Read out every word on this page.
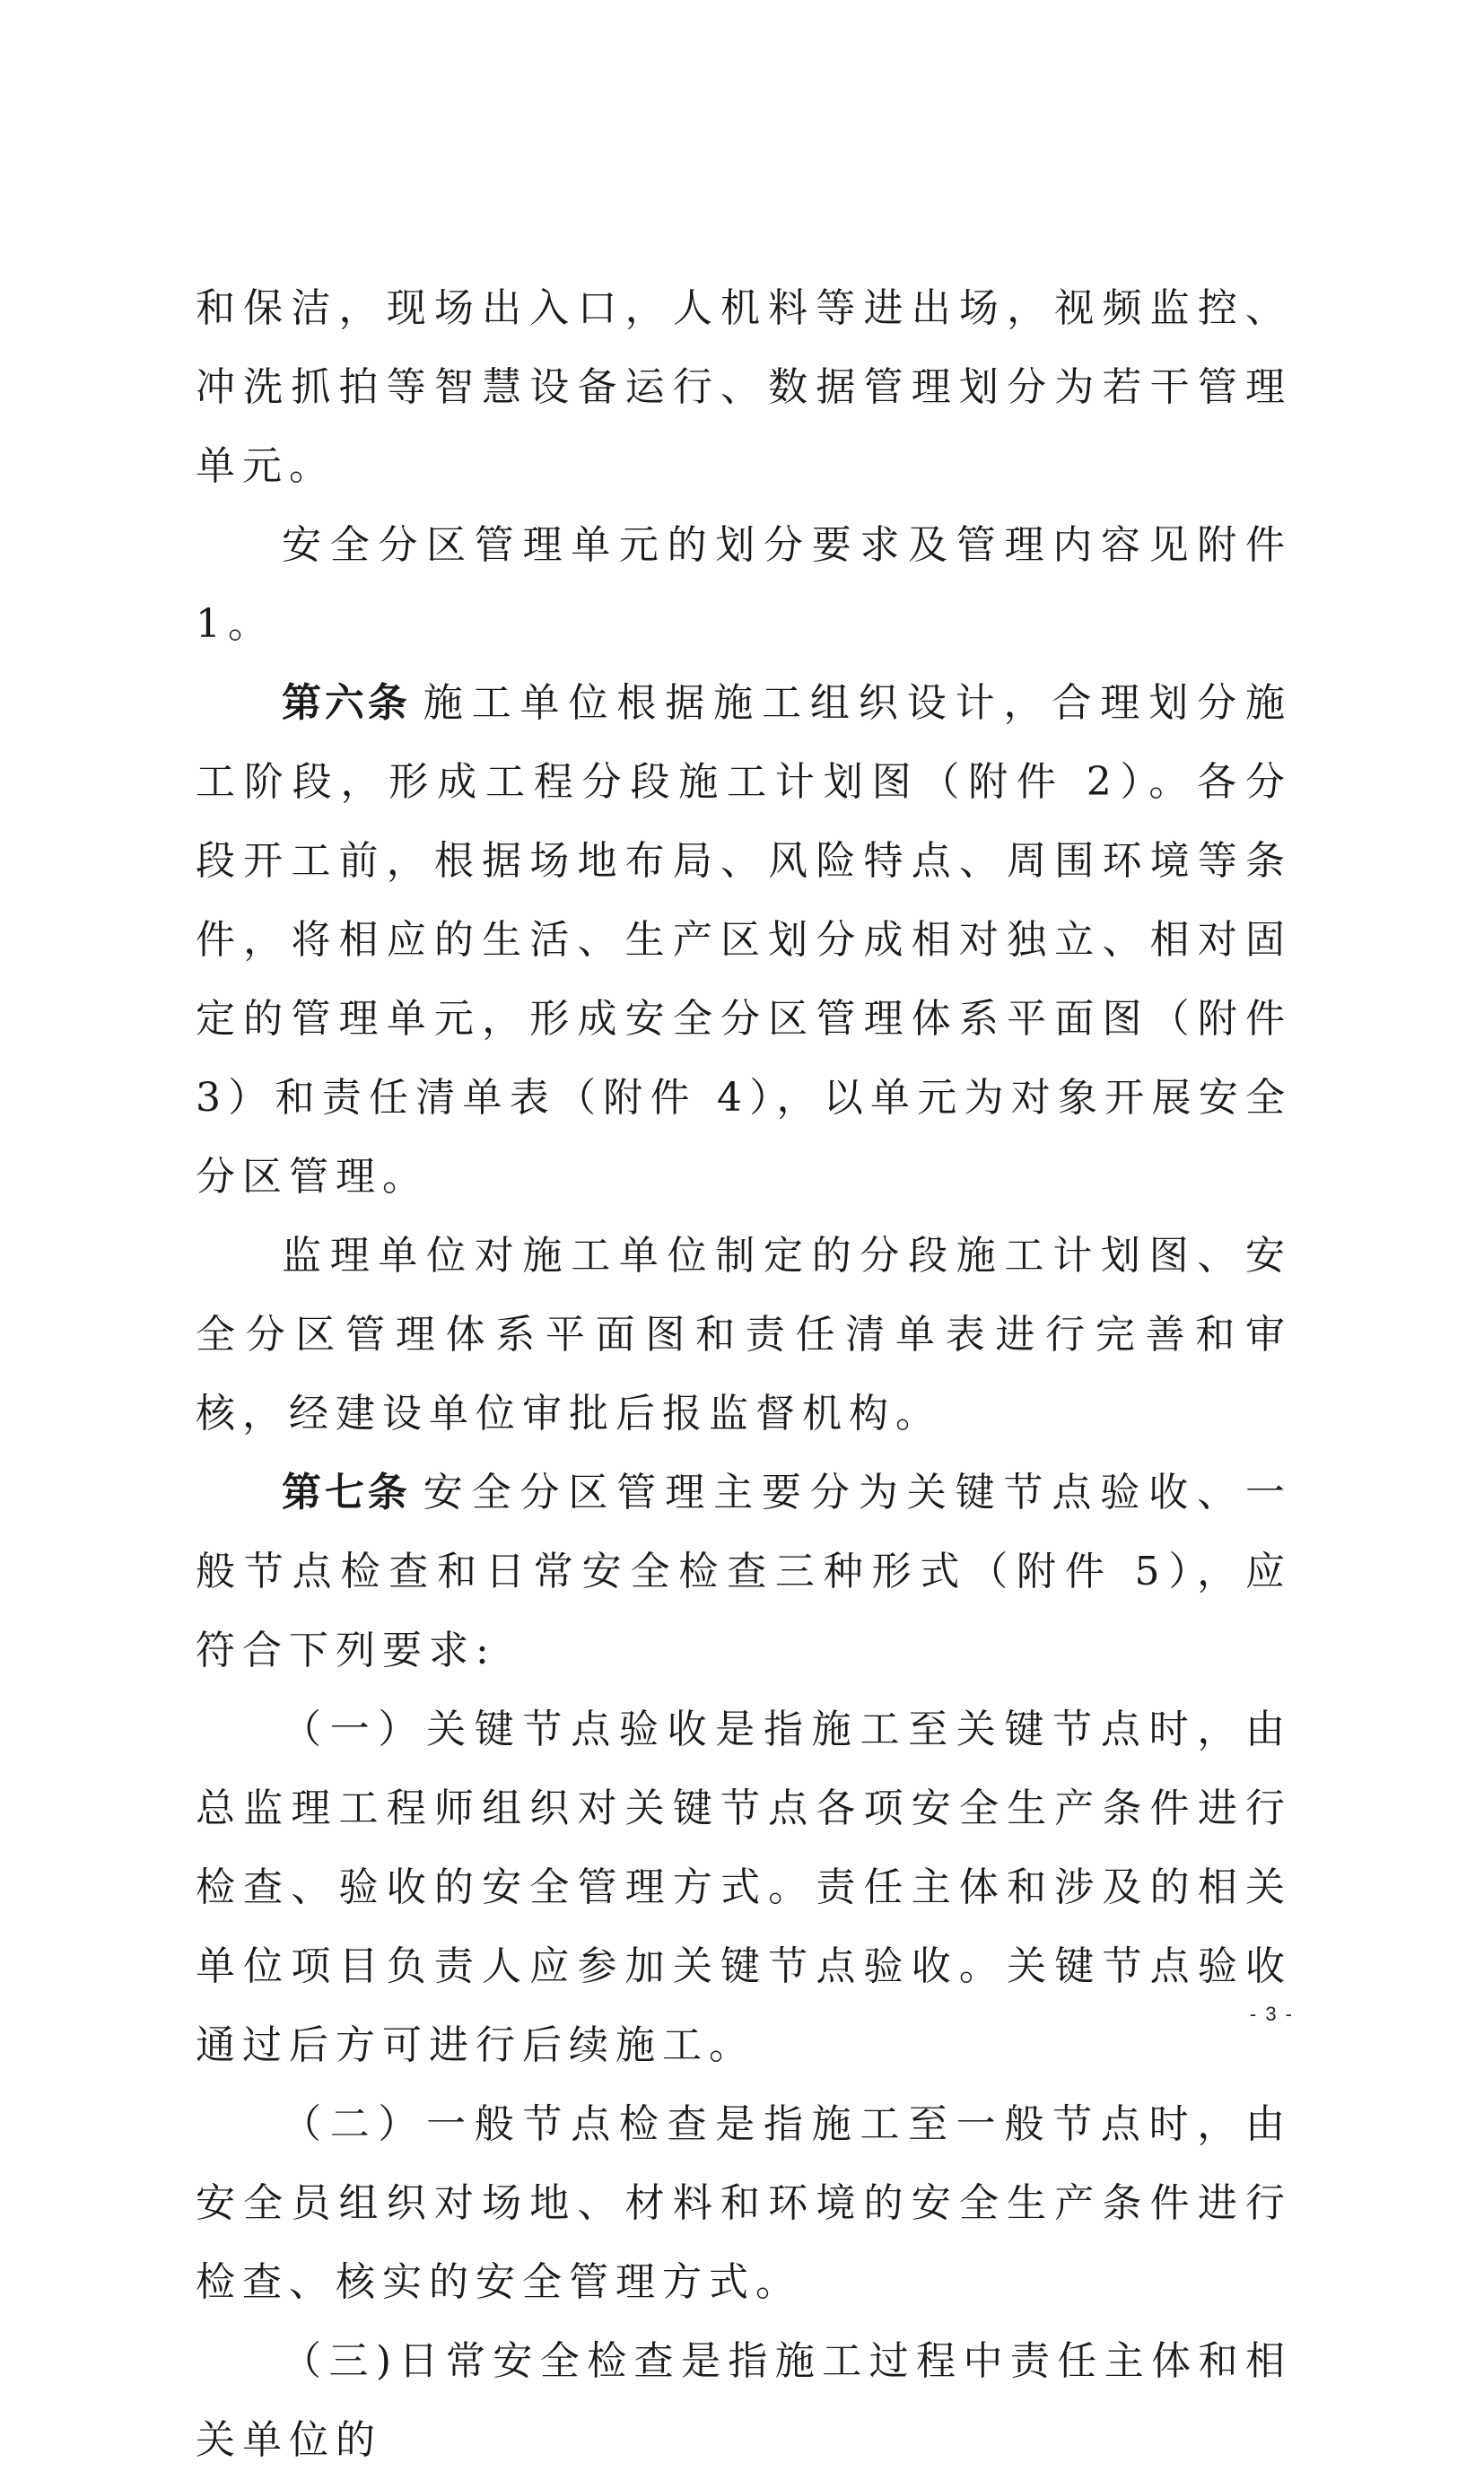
和保洁，现场出入口，人机料等进出场，视频监控、冲洗抓拍等智慧设备运行、数据管理划分为若干管理单元。

安全分区管理单元的划分要求及管理内容见附件 1。

第六条 施工单位根据施工组织设计，合理划分施工阶段，形成工程分段施工计划图（附件 2）。各分段开工前，根据场地布局、风险特点、周围环境等条件，将相应的生活、生产区划分成相对独立、相对固定的管理单元，形成安全分区管理体系平面图（附件 3）和责任清单表（附件 4），以单元为对象开展安全分区管理。

监理单位对施工单位制定的分段施工计划图、安全分区管理体系平面图和责任清单表进行完善和审核，经建设单位审批后报监督机构。

第七条 安全分区管理主要分为关键节点验收、一般节点检查和日常安全检查三种形式（附件 5），应符合下列要求:

（一）关键节点验收是指施工至关键节点时，由总监理工程师组织对关键节点各项安全生产条件进行检查、验收的安全管理方式。责任主体和涉及的相关单位项目负责人应参加关键节点验收。关键节点验收通过后方可进行后续施工。

（二）一般节点检查是指施工至一般节点时，由安全员组织对场地、材料和环境的安全生产条件进行检查、核实的安全管理方式。

（三)日常安全检查是指施工过程中责任主体和相关单位的

- 3 -
